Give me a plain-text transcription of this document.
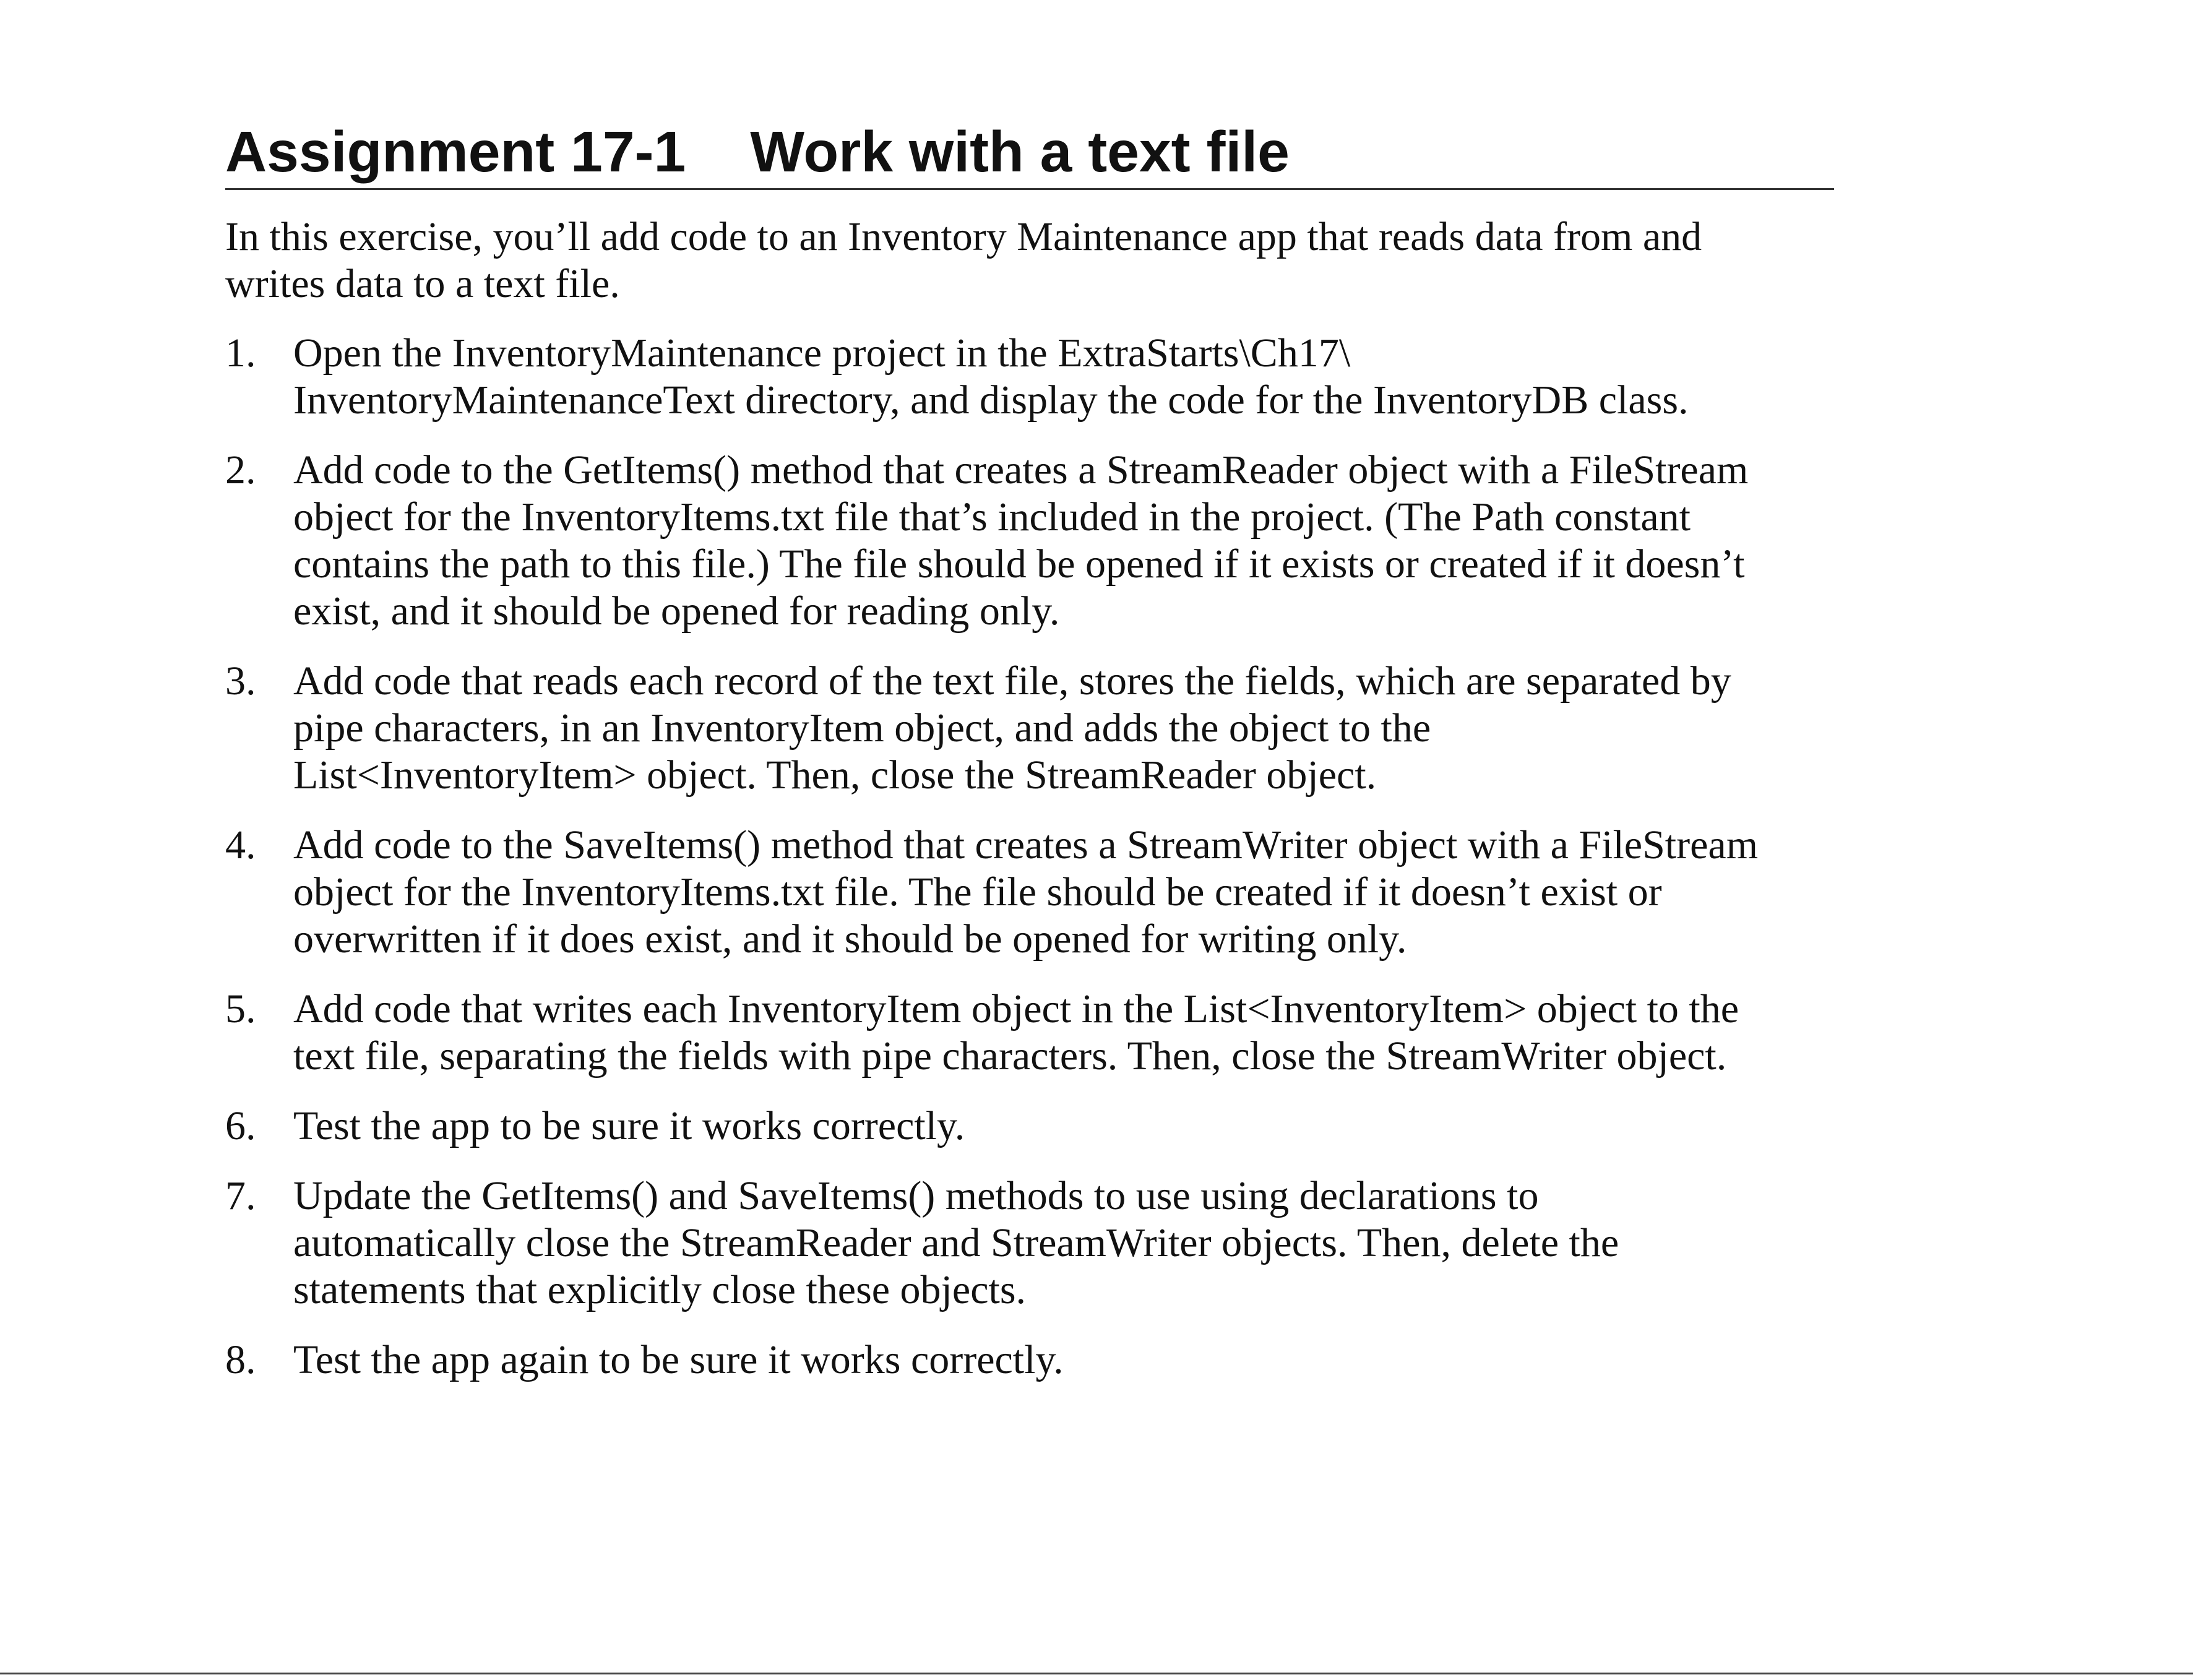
Assignment 17-1 Work with a text file

In this exercise, you’ll add code to an Inventory Maintenance app that reads data from and
writes data to a text file.

1. Open the InventoryMaintenance project in the ExtraStarts\Ch17\
InventoryMaintenanceText directory, and display the code for the InventoryDB class.
2. Add code to the GetItems() method that creates a StreamReader object with a FileStream
object for the InventoryItems.txt file that’s included in the project. (The Path constant
contains the path to this file.) The file should be opened if it exists or created if it doesn’t
exist, and it should be opened for reading only.
3. Add code that reads each record of the text file, stores the fields, which are separated by
pipe characters, in an InventoryItem object, and adds the object to the
List<InventoryItem> object. Then, close the StreamReader object.
4. Add code to the SaveItems() method that creates a StreamWriter object with a FileStream
object for the InventoryItems.txt file. The file should be created if it doesn’t exist or
overwritten if it does exist, and it should be opened for writing only.
5. Add code that writes each InventoryItem object in the List<InventoryItem> object to the
text file, separating the fields with pipe characters. Then, close the StreamWriter object.
6. Test the app to be sure it works correctly.
7. Update the GetItems() and SaveItems() methods to use using declarations to
automatically close the StreamReader and StreamWriter objects. Then, delete the
statements that explicitly close these objects.
8. Test the app again to be sure it works correctly.
